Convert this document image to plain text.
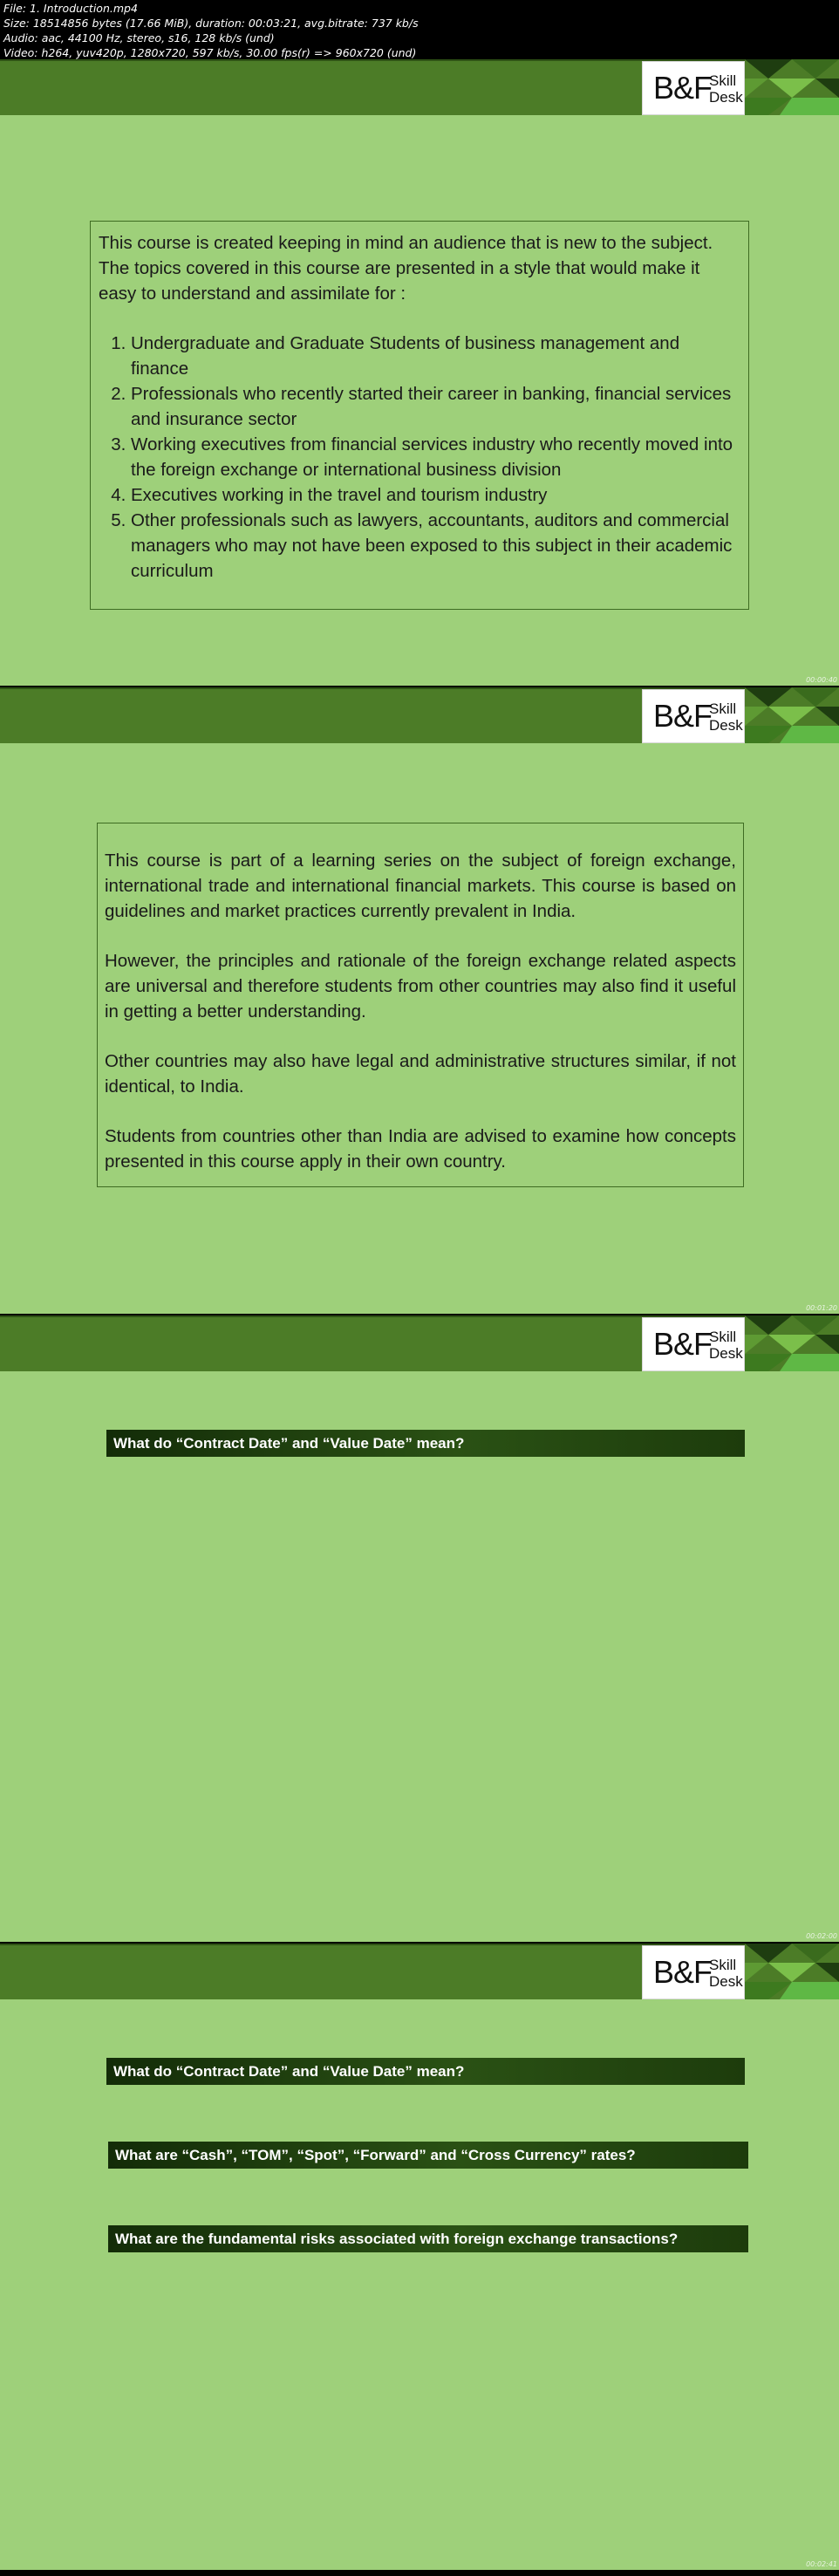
File: 1. Introduction.mp4
Size: 18514856 bytes (17.66 MiB), duration: 00:03:21, avg.bitrate: 737 kb/s
Audio: aac, 44100 Hz, stereo, s16, 128 kb/s (und)
Video: h264, yuv420p, 1280x720, 597 kb/s, 30.00 fps(r) => 960x720 (und)
B&F
Skill
Desk
This course is created keeping in mind an audience that is new to the subject. The topics covered in this course are presented in a style that would make it easy to understand and assimilate for :
1. Undergraduate and Graduate Students of business management and finance
2. Professionals who recently started their career in banking, financial services and insurance sector
3. Working executives from financial services industry who recently moved into the foreign exchange or international business division
4. Executives working in the travel and tourism industry
5. Other professionals such as lawyers, accountants, auditors and commercial managers who may not have been exposed to this subject in their academic curriculum
00:00:40
B&F
Skill
Desk

This course is part of a learning series on the subject of foreign exchange, international trade and international financial markets. This course is based on guidelines and market practices currently prevalent in India.

However, the principles and rationale of the foreign exchange related aspects are universal and therefore students from other countries may also find it useful in getting a better understanding.

Other countries may also have legal and administrative structures similar, if not identical, to India.

Students from countries other than India are advised to examine how concepts presented in this course apply in their own country.

00:01:20
B&F
Skill
Desk
What do “Contract Date” and “Value Date” mean?
00:02:00
B&F
Skill
Desk
What do “Contract Date” and “Value Date” mean?
What are “Cash”, “TOM”, “Spot”, “Forward” and “Cross Currency” rates?
What are the fundamental risks associated with foreign exchange transactions?
00:02:41
